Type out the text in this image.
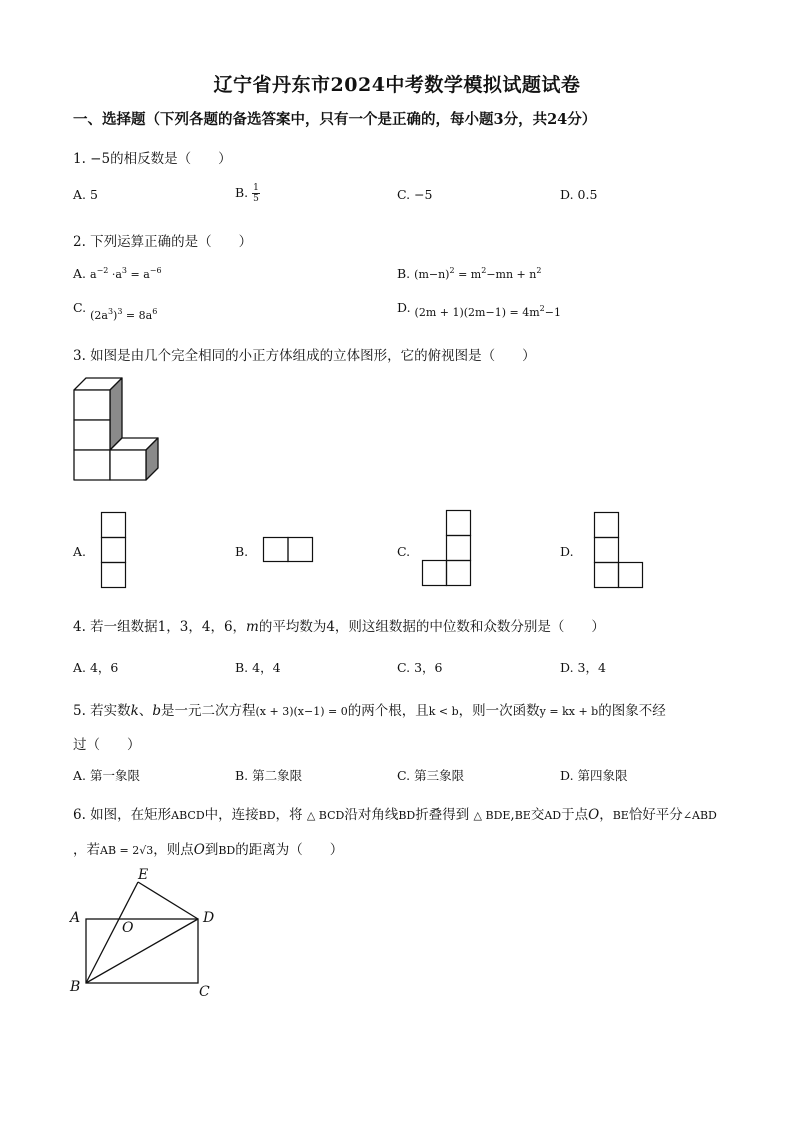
辽宁省丹东市2024中考数学模拟试题试卷
一、选择题（下列各题的备选答案中，只有一个是正确的，每小题3分，共24分）
1. −5的相反数是（　　）
A. 5	B. $\frac{1}{5}$	C. −5	D. 0.5
2. 下列运算正确的是（　　）
A. $a^{-2} \cdot a^3 = a^{-6}$	B. $(m-n)^2 = m^2-mn + n^2$
C. $(2a^3)^3 = 8a^6$	D. $(2m + 1)(2m-1) = 4m^2-1$
3. 如图是由几个完全相同的小正方体组成的立体图形，它的俯视图是（　　）
A.	B.	C.	D.
4. 若一组数据1，3，4，6，m的平均数为4，则这组数据的中位数和众数分别是（　　）
A. 4，6	B. 4，4	C. 3，6	D. 3，4
5. 若实数k、b是一元二次方程(x + 3)(x−1) = 0的两个根，且k < b，则一次函数y = kx + b的图象不经
过（　　）
A. 第一象限	B. 第二象限	C. 第三象限	D. 第四象限
6. 如图，在矩形ABCD中，连接BD，将 △ BCD沿对角线BD折叠得到 △ BDE,BE交AD于点O，BE恰好平分∠ABD
，若AB = 2√3，则点O到BD的距离为（　　）
E
A
O
D
B	C
